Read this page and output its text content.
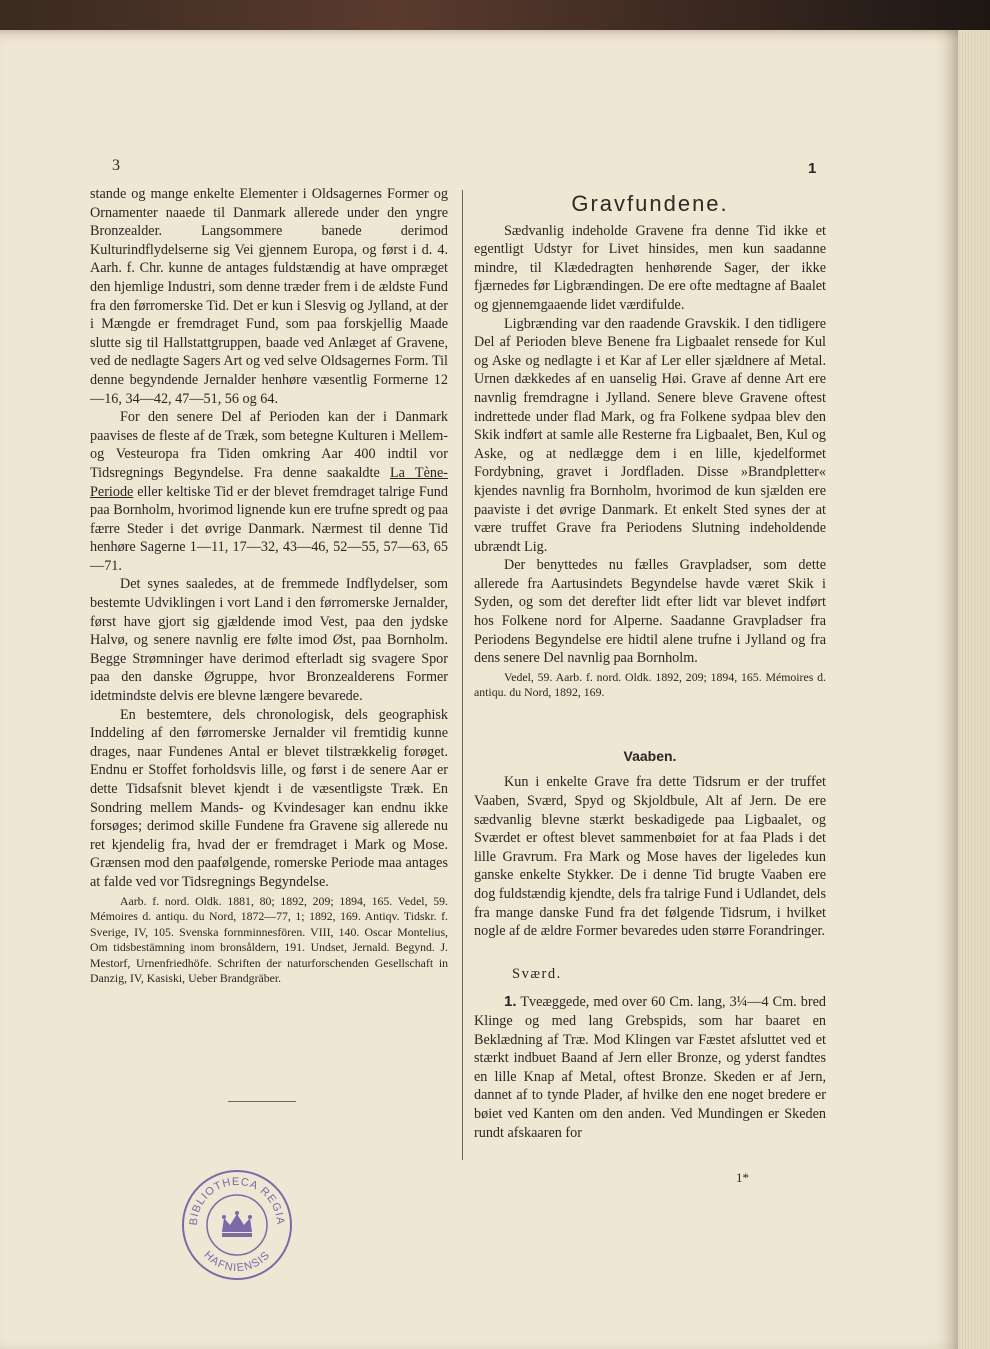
3	1

stande og mange enkelte Elementer i Oldsagernes Former og Ornamenter naaede til Danmark allerede under den yngre Bronzealder. Langsommere banede derimod Kulturindflydelserne sig Vei gjennem Europa, og først i d. 4. Aarh. f. Chr. kunne de antages fuldstændig at have ompræget den hjemlige Industri, som denne træder frem i de ældste Fund fra den førromerske Tid. Det er kun i Slesvig og Jylland, at der i Mængde er fremdraget Fund, som paa forskjellig Maade slutte sig til Hallstattgruppen, baade ved Anlæget af Gravene, ved de nedlagte Sagers Art og ved selve Oldsagernes Form. Til denne begyndende Jernalder henhøre væsentlig Formerne 12—16, 34—42, 47—51, 56 og 64.

For den senere Del af Perioden kan der i Danmark paavises de fleste af de Træk, som betegne Kulturen i Mellem- og Vesteuropa fra Tiden omkring Aar 400 indtil vor Tidsregnings Begyndelse. Fra denne saakaldte La Tène-Periode eller keltiske Tid er der blevet fremdraget talrige Fund paa Bornholm, hvorimod lignende kun ere trufne spredt og paa færre Steder i det øvrige Danmark. Nærmest til denne Tid henhøre Sagerne 1—11, 17—32, 43—46, 52—55, 57—63, 65—71.

Det synes saaledes, at de fremmede Indflydelser, som bestemte Udviklingen i vort Land i den førromerske Jernalder, først have gjort sig gjældende imod Vest, paa den jydske Halvø, og senere navnlig ere følte imod Øst, paa Bornholm. Begge Strømninger have derimod efterladt sig svagere Spor paa den danske Øgruppe, hvor Bronzealderens Former idetmindste delvis ere blevne længere bevarede.

En bestemtere, dels chronologisk, dels geographisk Inddeling af den førromerske Jernalder vil fremtidig kunne drages, naar Fundenes Antal er blevet tilstrækkelig forøget. Endnu er Stoffet forholdsvis lille, og først i de senere Aar er dette Tidsafsnit blevet kjendt i de væsentligste Træk. En Sondring mellem Mands- og Kvindesager kan endnu ikke forsøges; derimod skille Fundene fra Gravene sig allerede nu ret kjendelig fra, hvad der er fremdraget i Mark og Mose. Grænsen mod den paafølgende, romerske Periode maa antages at falde ved vor Tidsregnings Begyndelse.

Aarb. f. nord. Oldk. 1881, 80; 1892, 209; 1894, 165. Vedel, 59. Mémoires d. antiqu. du Nord, 1872—77, 1; 1892, 169. Antiqv. Tidskr. f. Sverige, IV, 105. Svenska fornminnesfören. VIII, 140. Oscar Montelius, Om tidsbestämning inom bronsåldern, 191. Undset, Jernald. Begynd. J. Mestorf, Urnenfriedhöfe. Schriften der naturforschenden Gesellschaft in Danzig, IV, Kasiski, Ueber Brandgräber.

Gravfundene.

Sædvanlig indeholde Gravene fra denne Tid ikke et egentligt Udstyr for Livet hinsides, men kun saadanne mindre, til Klædedragten henhørende Sager, der ikke fjærnedes før Ligbrændingen. De ere ofte medtagne af Baalet og gjennemgaaende lidet værdifulde.

Ligbrænding var den raadende Gravskik. I den tidligere Del af Perioden bleve Benene fra Ligbaalet rensede for Kul og Aske og nedlagte i et Kar af Ler eller sjældnere af Metal. Urnen dækkedes af en uanselig Høi. Grave af denne Art ere navnlig fremdragne i Jylland. Senere bleve Gravene oftest indrettede under flad Mark, og fra Folkene sydpaa blev den Skik indført at samle alle Resterne fra Ligbaalet, Ben, Kul og Aske, og at nedlægge dem i en lille, kjedelformet Fordybning, gravet i Jordfladen. Disse »Brandpletter« kjendes navnlig fra Bornholm, hvorimod de kun sjælden ere paaviste i det øvrige Danmark. Et enkelt Sted synes der at være truffet Grave fra Periodens Slutning indeholdende ubrændt Lig.

Der benyttedes nu fælles Gravpladser, som dette allerede fra Aartusindets Begyndelse havde været Skik i Syden, og som det derefter lidt efter lidt var blevet indført hos Folkene nord for Alperne. Saadanne Gravpladser fra Periodens Begyndelse ere hidtil alene trufne i Jylland og fra dens senere Del navnlig paa Bornholm.

Vedel, 59. Aarb. f. nord. Oldk. 1892, 209; 1894, 165. Mémoires d. antiqu. du Nord, 1892, 169.

Vaaben.

Kun i enkelte Grave fra dette Tidsrum er der truffet Vaaben, Sværd, Spyd og Skjoldbule, Alt af Jern. De ere sædvanlig blevne stærkt beskadigede paa Ligbaalet, og Sværdet er oftest blevet sammenbøiet for at faa Plads i det lille Gravrum. Fra Mark og Mose haves der ligeledes kun ganske enkelte Stykker. De i denne Tid brugte Vaaben ere dog fuldstændig kjendte, dels fra talrige Fund i Udlandet, dels fra mange danske Fund fra det følgende Tidsrum, i hvilket nogle af de ældre Former bevaredes uden større Forandringer.

Sværd.

1. Tveæggede, med over 60 Cm. lang, 3¼—4 Cm. bred Klinge og med lang Grebspids, som har baaret en Beklædning af Træ. Mod Klingen var Fæstet afsluttet ved et stærkt indbuet Baand af Jern eller Bronze, og yderst fandtes en lille Knap af Metal, oftest Bronze. Skeden er af Jern, dannet af to tynde Plader, af hvilke den ene noget bredere er bøiet ved Kanten om den anden. Ved Mundingen er Skeden rundt afskaaren for

1*
BIBLIOTHECA REGIA
HAFNIENSIS
